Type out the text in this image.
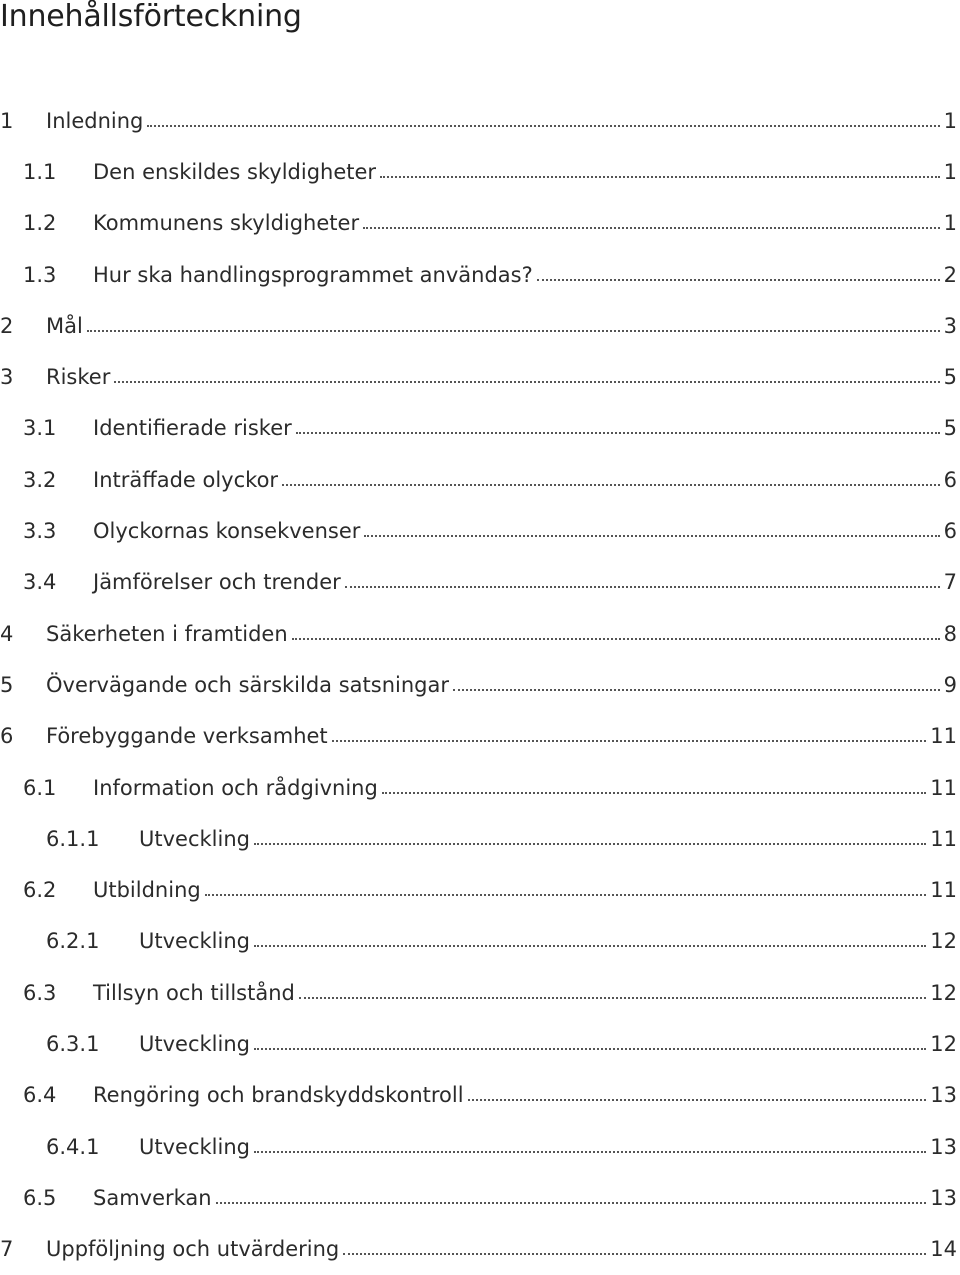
Innehållsförteckning
1	Inledning	1
1.1	Den enskildes skyldigheter	1
1.2	Kommunens skyldigheter	1
1.3	Hur ska handlingsprogrammet användas?	2
2	Mål	3
3	Risker	5
3.1	Identifierade risker	5
3.2	Inträffade olyckor	6
3.3	Olyckornas konsekvenser	6
3.4	Jämförelser och trender	7
4	Säkerheten i framtiden	8
5	Övervägande och särskilda satsningar	9
6	Förebyggande verksamhet	11
6.1	Information och rådgivning	11
6.1.1	Utveckling	11
6.2	Utbildning	11
6.2.1	Utveckling	12
6.3	Tillsyn och tillstånd	12
6.3.1	Utveckling	12
6.4	Rengöring och brandskyddskontroll	13
6.4.1	Utveckling	13
6.5	Samverkan	13
7	Uppföljning och utvärdering	14
